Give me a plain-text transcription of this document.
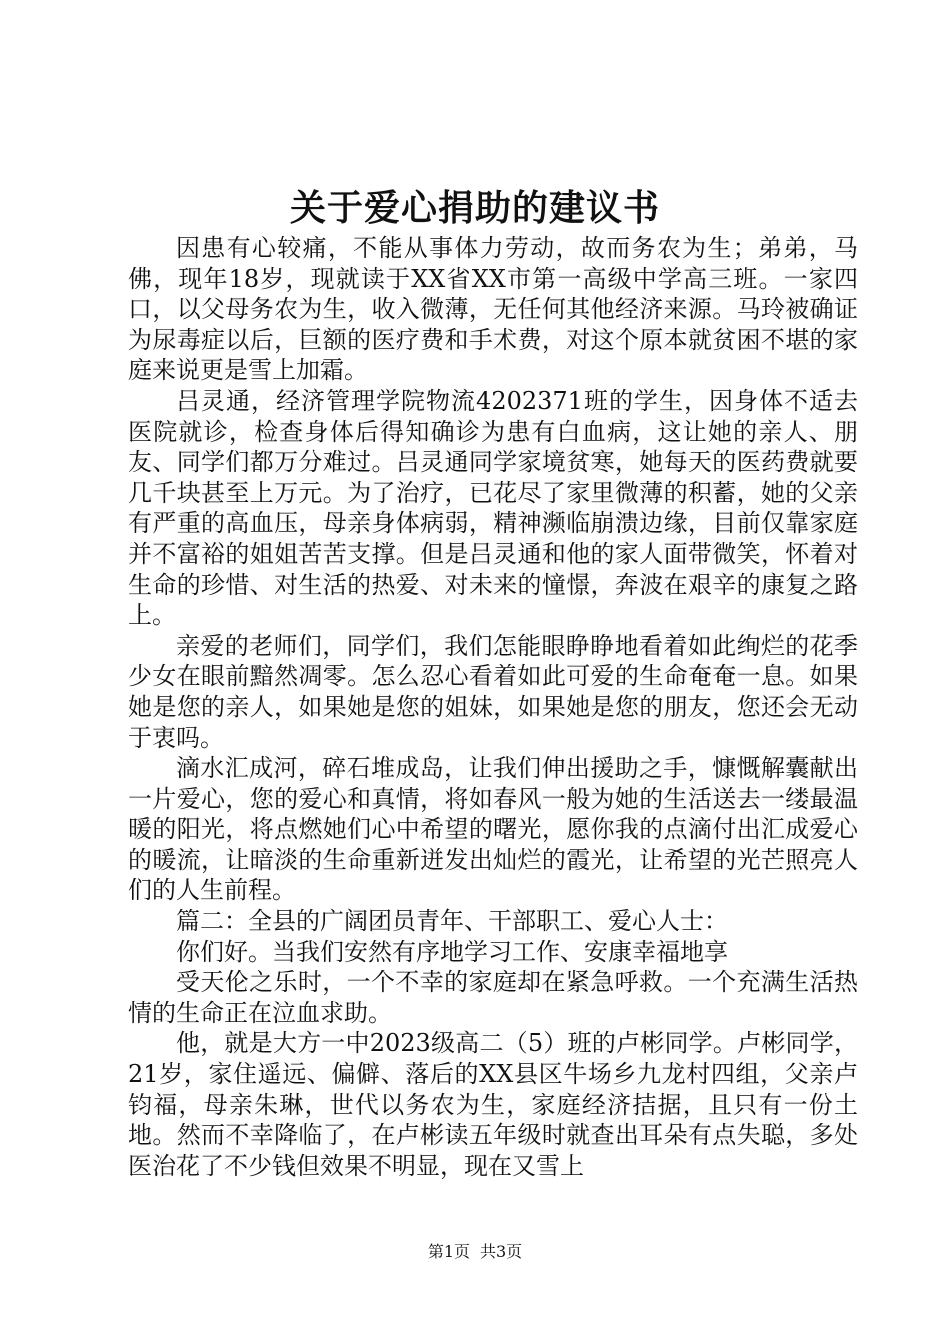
关于爱心捐助的建议书

因患有心较痛，不能从事体力劳动，故而务农为生；弟弟，马佛，现年18岁，现就读于XX省XX市第一高级中学高三班。一家四口，以父母务农为生，收入微薄，无任何其他经济来源。马玲被确证为尿毒症以后，巨额的医疗费和手术费，对这个原本就贫困不堪的家庭来说更是雪上加霜。

吕灵通，经济管理学院物流4202371班的学生，因身体不适去医院就诊，检查身体后得知确诊为患有白血病，这让她的亲人、朋友、同学们都万分难过。吕灵通同学家境贫寒，她每天的医药费就要几千块甚至上万元。为了治疗，已花尽了家里微薄的积蓄，她的父亲有严重的高血压，母亲身体病弱，精神濒临崩溃边缘，目前仅靠家庭并不富裕的姐姐苦苦支撑。但是吕灵通和他的家人面带微笑，怀着对生命的珍惜、对生活的热爱、对未来的憧憬，奔波在艰辛的康复之路上。

亲爱的老师们，同学们，我们怎能眼睁睁地看着如此绚烂的花季少女在眼前黯然凋零。怎么忍心看着如此可爱的生命奄奄一息。如果她是您的亲人，如果她是您的姐妹，如果她是您的朋友，您还会无动于衷吗。

滴水汇成河，碎石堆成岛，让我们伸出援助之手，慷慨解囊献出一片爱心，您的爱心和真情，将如春风一般为她的生活送去一缕最温暖的阳光，将点燃她们心中希望的曙光，愿你我的点滴付出汇成爱心的暖流，让暗淡的生命重新迸发出灿烂的霞光，让希望的光芒照亮人们的人生前程。

篇二：全县的广阔团员青年、干部职工、爱心人士：

你们好。当我们安然有序地学习工作、安康幸福地享

受天伦之乐时，一个不幸的家庭却在紧急呼救。一个充满生活热情的生命正在泣血求助。

他，就是大方一中2023级高二（5）班的卢彬同学。卢彬同学，21岁，家住遥远、偏僻、落后的XX县区牛场乡九龙村四组，父亲卢钧福，母亲朱琳，世代以务农为生，家庭经济拮据，且只有一份土地。然而不幸降临了，在卢彬读五年级时就查出耳朵有点失聪，多处医治花了不少钱但效果不明显，现在又雪上

第1页 共3页
